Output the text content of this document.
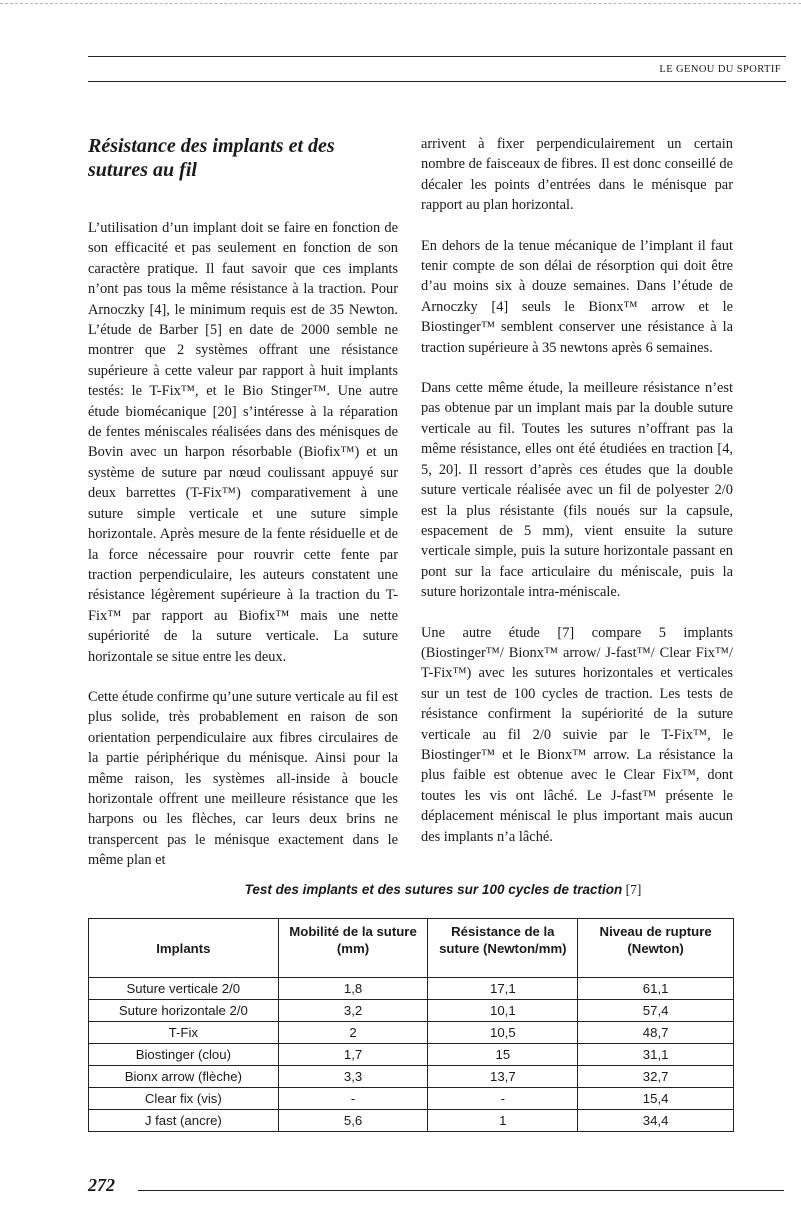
LE GENOU DU SPORTIF
Résistance des implants et des sutures au fil

L’utilisation d’un implant doit se faire en fonction de son efficacité et pas seulement en fonction de son caractère pratique. Il faut savoir que ces implants n’ont pas tous la même résistance à la traction. Pour Arnoczky [4], le minimum requis est de 35 Newton. L’étude de Barber [5] en date de 2000 semble ne montrer que 2 systèmes offrant une résistance supérieure à cette valeur par rapport à huit implants testés: le T-Fix™, et le Bio Stinger™. Une autre étude biomécanique [20] s’intéresse à la réparation de fentes méniscales réalisées dans des ménisques de Bovin avec un harpon résorbable (Biofix™) et un système de suture par nœud coulissant appuyé sur deux barrettes (T-Fix™) comparativement à une suture simple verticale et une suture simple horizontale. Après mesure de la fente résiduelle et de la force nécessaire pour rouvrir cette fente par traction perpendiculaire, les auteurs constatent une résistance légèrement supérieure à la traction du T-Fix™ par rapport au Biofix™ mais une nette supériorité de la suture verticale. La suture horizontale se situe entre les deux.

Cette étude confirme qu’une suture verticale au fil est plus solide, très probablement en raison de son orientation perpendiculaire aux fibres circulaires de la partie périphérique du ménisque. Ainsi pour la même raison, les systèmes all-inside à boucle horizontale offrent une meilleure résistance que les harpons ou les flèches, car leurs deux brins ne transpercent pas le ménisque exactement dans le même plan et

arrivent à fixer perpendiculairement un certain nombre de faisceaux de fibres. Il est donc conseillé de décaler les points d’entrées dans le ménisque par rapport au plan horizontal.

En dehors de la tenue mécanique de l’implant il faut tenir compte de son délai de résorption qui doit être d’au moins six à douze semaines. Dans l’étude de Arnoczky [4] seuls le Bionx™ arrow et le Biostinger™ semblent conserver une résistance à la traction supérieure à 35 newtons après 6 semaines.

Dans cette même étude, la meilleure résistance n’est pas obtenue par un implant mais par la double suture verticale au fil. Toutes les sutures n’offrant pas la même résistance, elles ont été étudiées en traction [4, 5, 20]. Il ressort d’après ces études que la double suture verticale réalisée avec un fil de polyester 2/0 est la plus résistante (fils noués sur la capsule, espacement de 5 mm), vient ensuite la suture verticale simple, puis la suture horizontale passant en pont sur la face articulaire du méniscale, puis la suture horizontale intra-méniscale.

Une autre étude [7] compare 5 implants (Biostinger™/ Bionx™ arrow/ J-fast™/ Clear Fix™/ T-Fix™) avec les sutures horizontales et verticales sur un test de 100 cycles de traction. Les tests de résistance confirment la supériorité de la suture verticale au fil 2/0 suivie par le T-Fix™, le Biostinger™ et le Bionx™ arrow. La résistance la plus faible est obtenue avec le Clear Fix™, dont toutes les vis ont lâché. Le J-fast™ présente le déplacement méniscal le plus important mais aucun des implants n’a lâché.

Test des implants et des sutures sur 100 cycles de traction [7]
Implants	Mobilité de la suture (mm)	Résistance de la suture (Newton/mm)	Niveau de rupture (Newton)
Suture verticale 2/0	1,8	17,1	61,1
Suture horizontale 2/0	3,2	10,1	57,4
T-Fix	2	10,5	48,7
Biostinger (clou)	1,7	15	31,1
Bionx arrow (flèche)	3,3	13,7	32,7
Clear fix (vis)	-	-	15,4
J fast (ancre)	5,6	1	34,4
272
